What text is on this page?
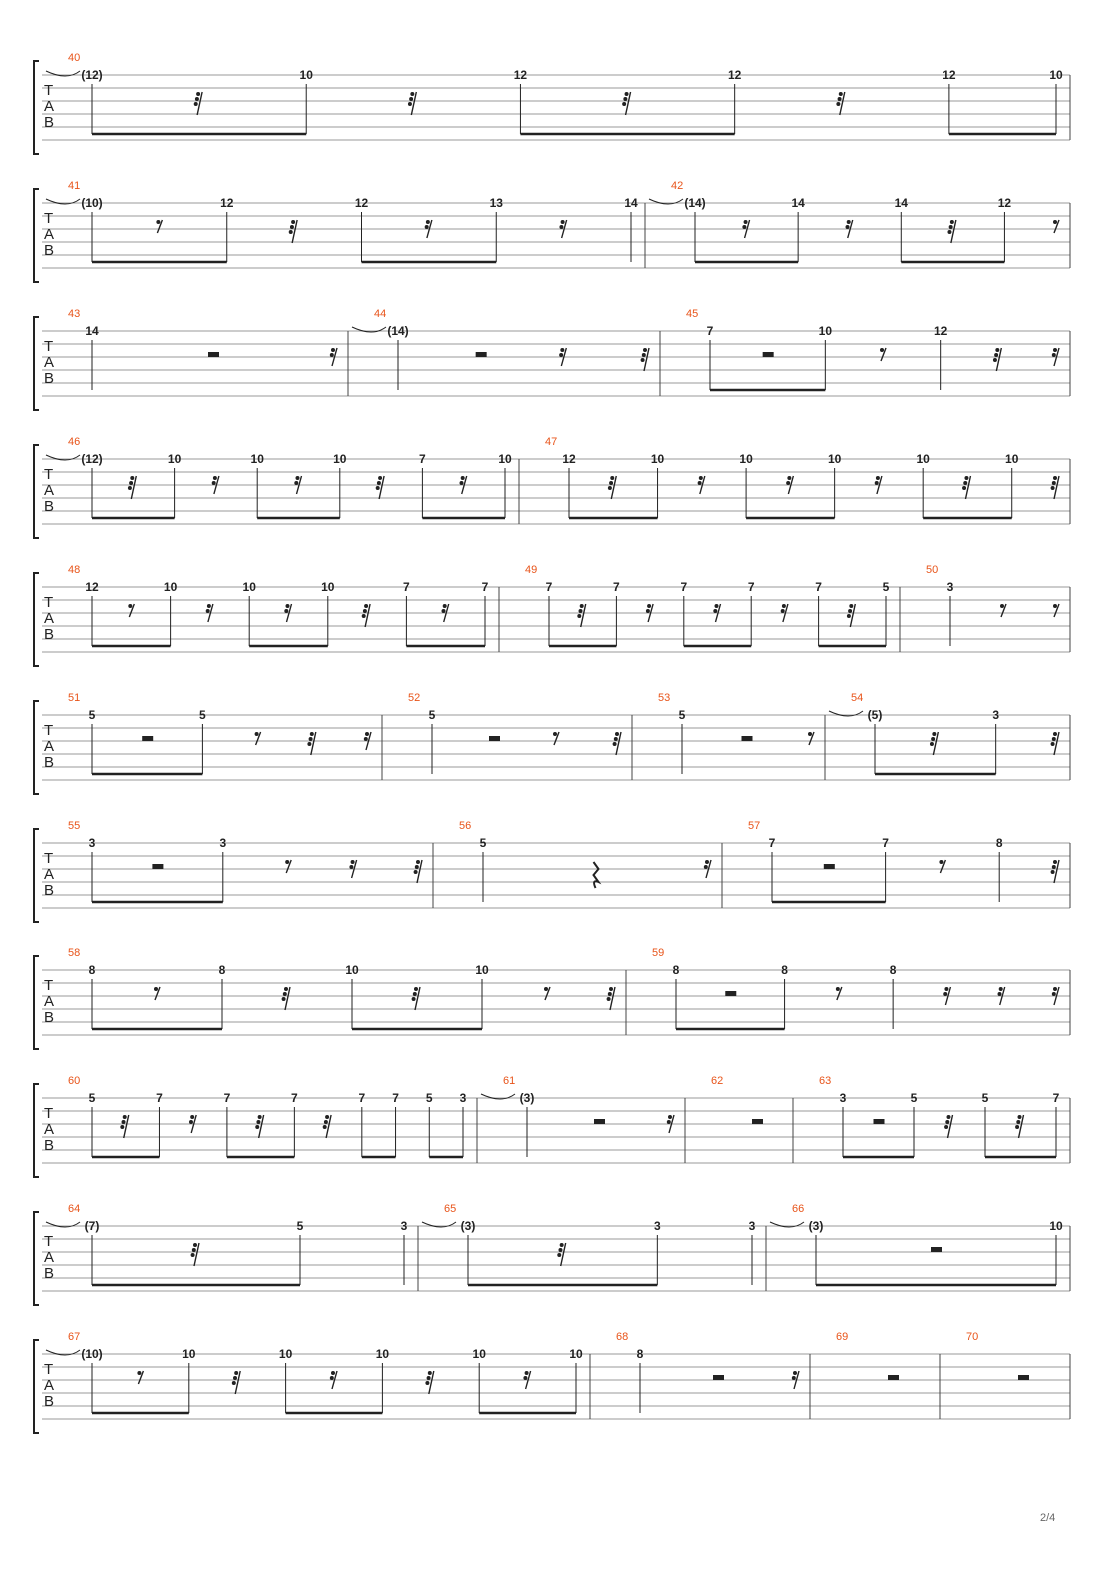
T
A
B
40
(12)	10	12	12	12	10
T
A
B
41
(10)	12	12	13	14
42
(14)	14	14	12
T
A
B
43
14
44
(14)
45
7	10	12
T
A
B
46
(12)	10	10	10	7	10
47
12	10	10	10	10	10
T
A
B
48
12	10	10	10	7	7
49
7	7	7	7	7	5
50
3
T
A
B
51
5	5
52
5
53
5
54
(5)	3
T
A
B
55
3	3
56
5
57
7	7	8
T
A
B
58
8	8	10	10
59
8	8	8
T
A
B
60
5	7	7	7	7 7 5 3
61
(3)
62	63
3	5	5	7
T
A
B
64
(7)	5	3
65
(3)	3	3
66
(3)	10
T
A
B
67
(10)	10	10	10	10	10
68
8
69	70
2/4
